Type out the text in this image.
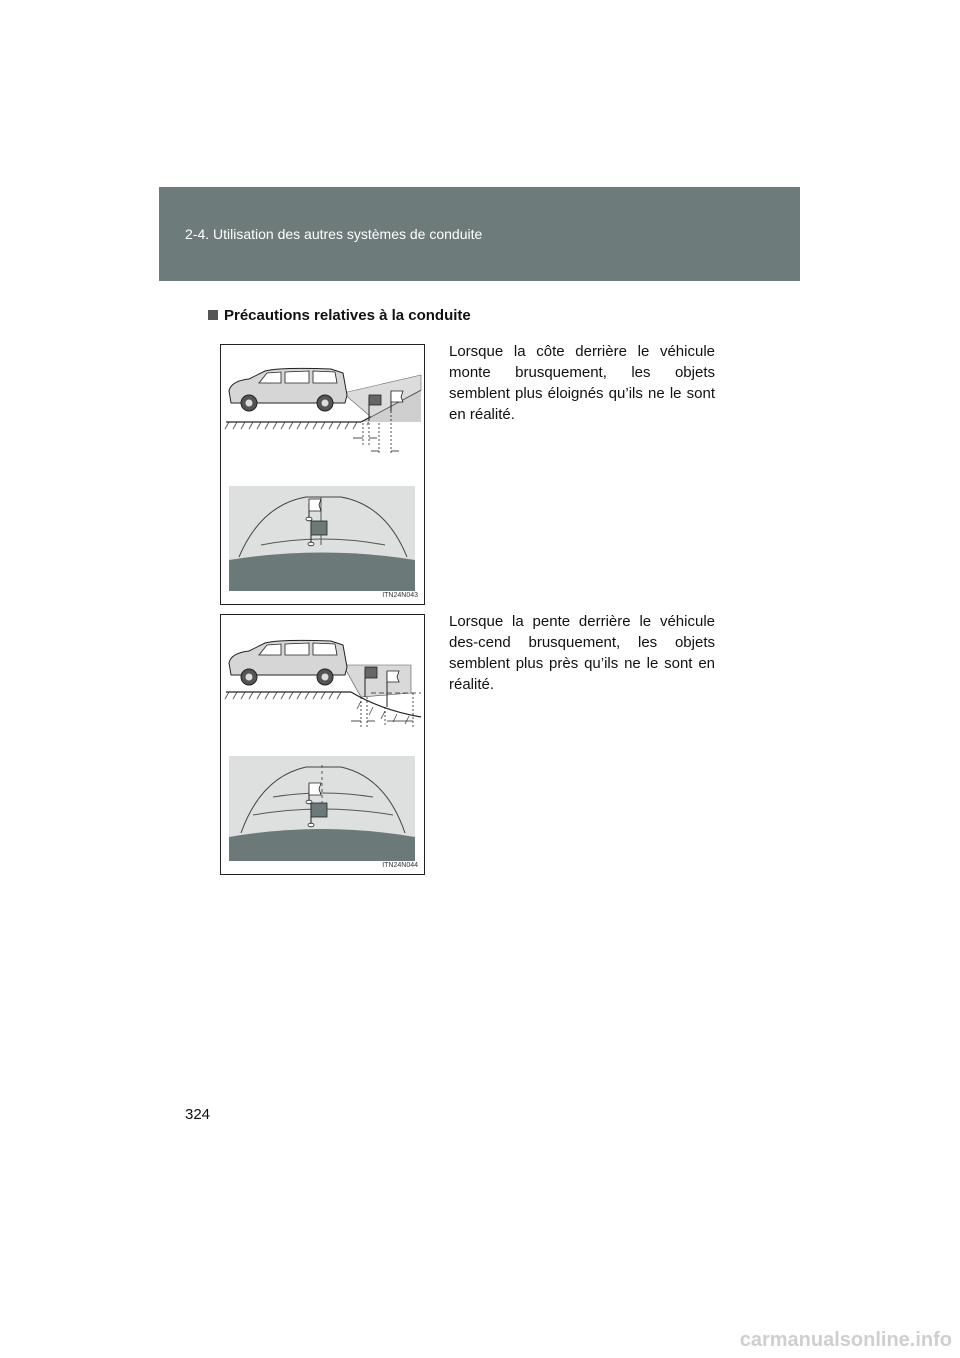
2-4. Utilisation des autres systèmes de conduite
Précautions relatives à la conduite
ITN24N043
Lorsque la côte derrière le véhicule monte brusquement, les objets semblent plus éloignés qu’ils ne le sont en réalité.
ITN24N044
Lorsque la pente derrière le véhicule des-cend brusquement, les objets semblent plus près qu’ils ne le sont en réalité.
324
carmanualsonline.info
